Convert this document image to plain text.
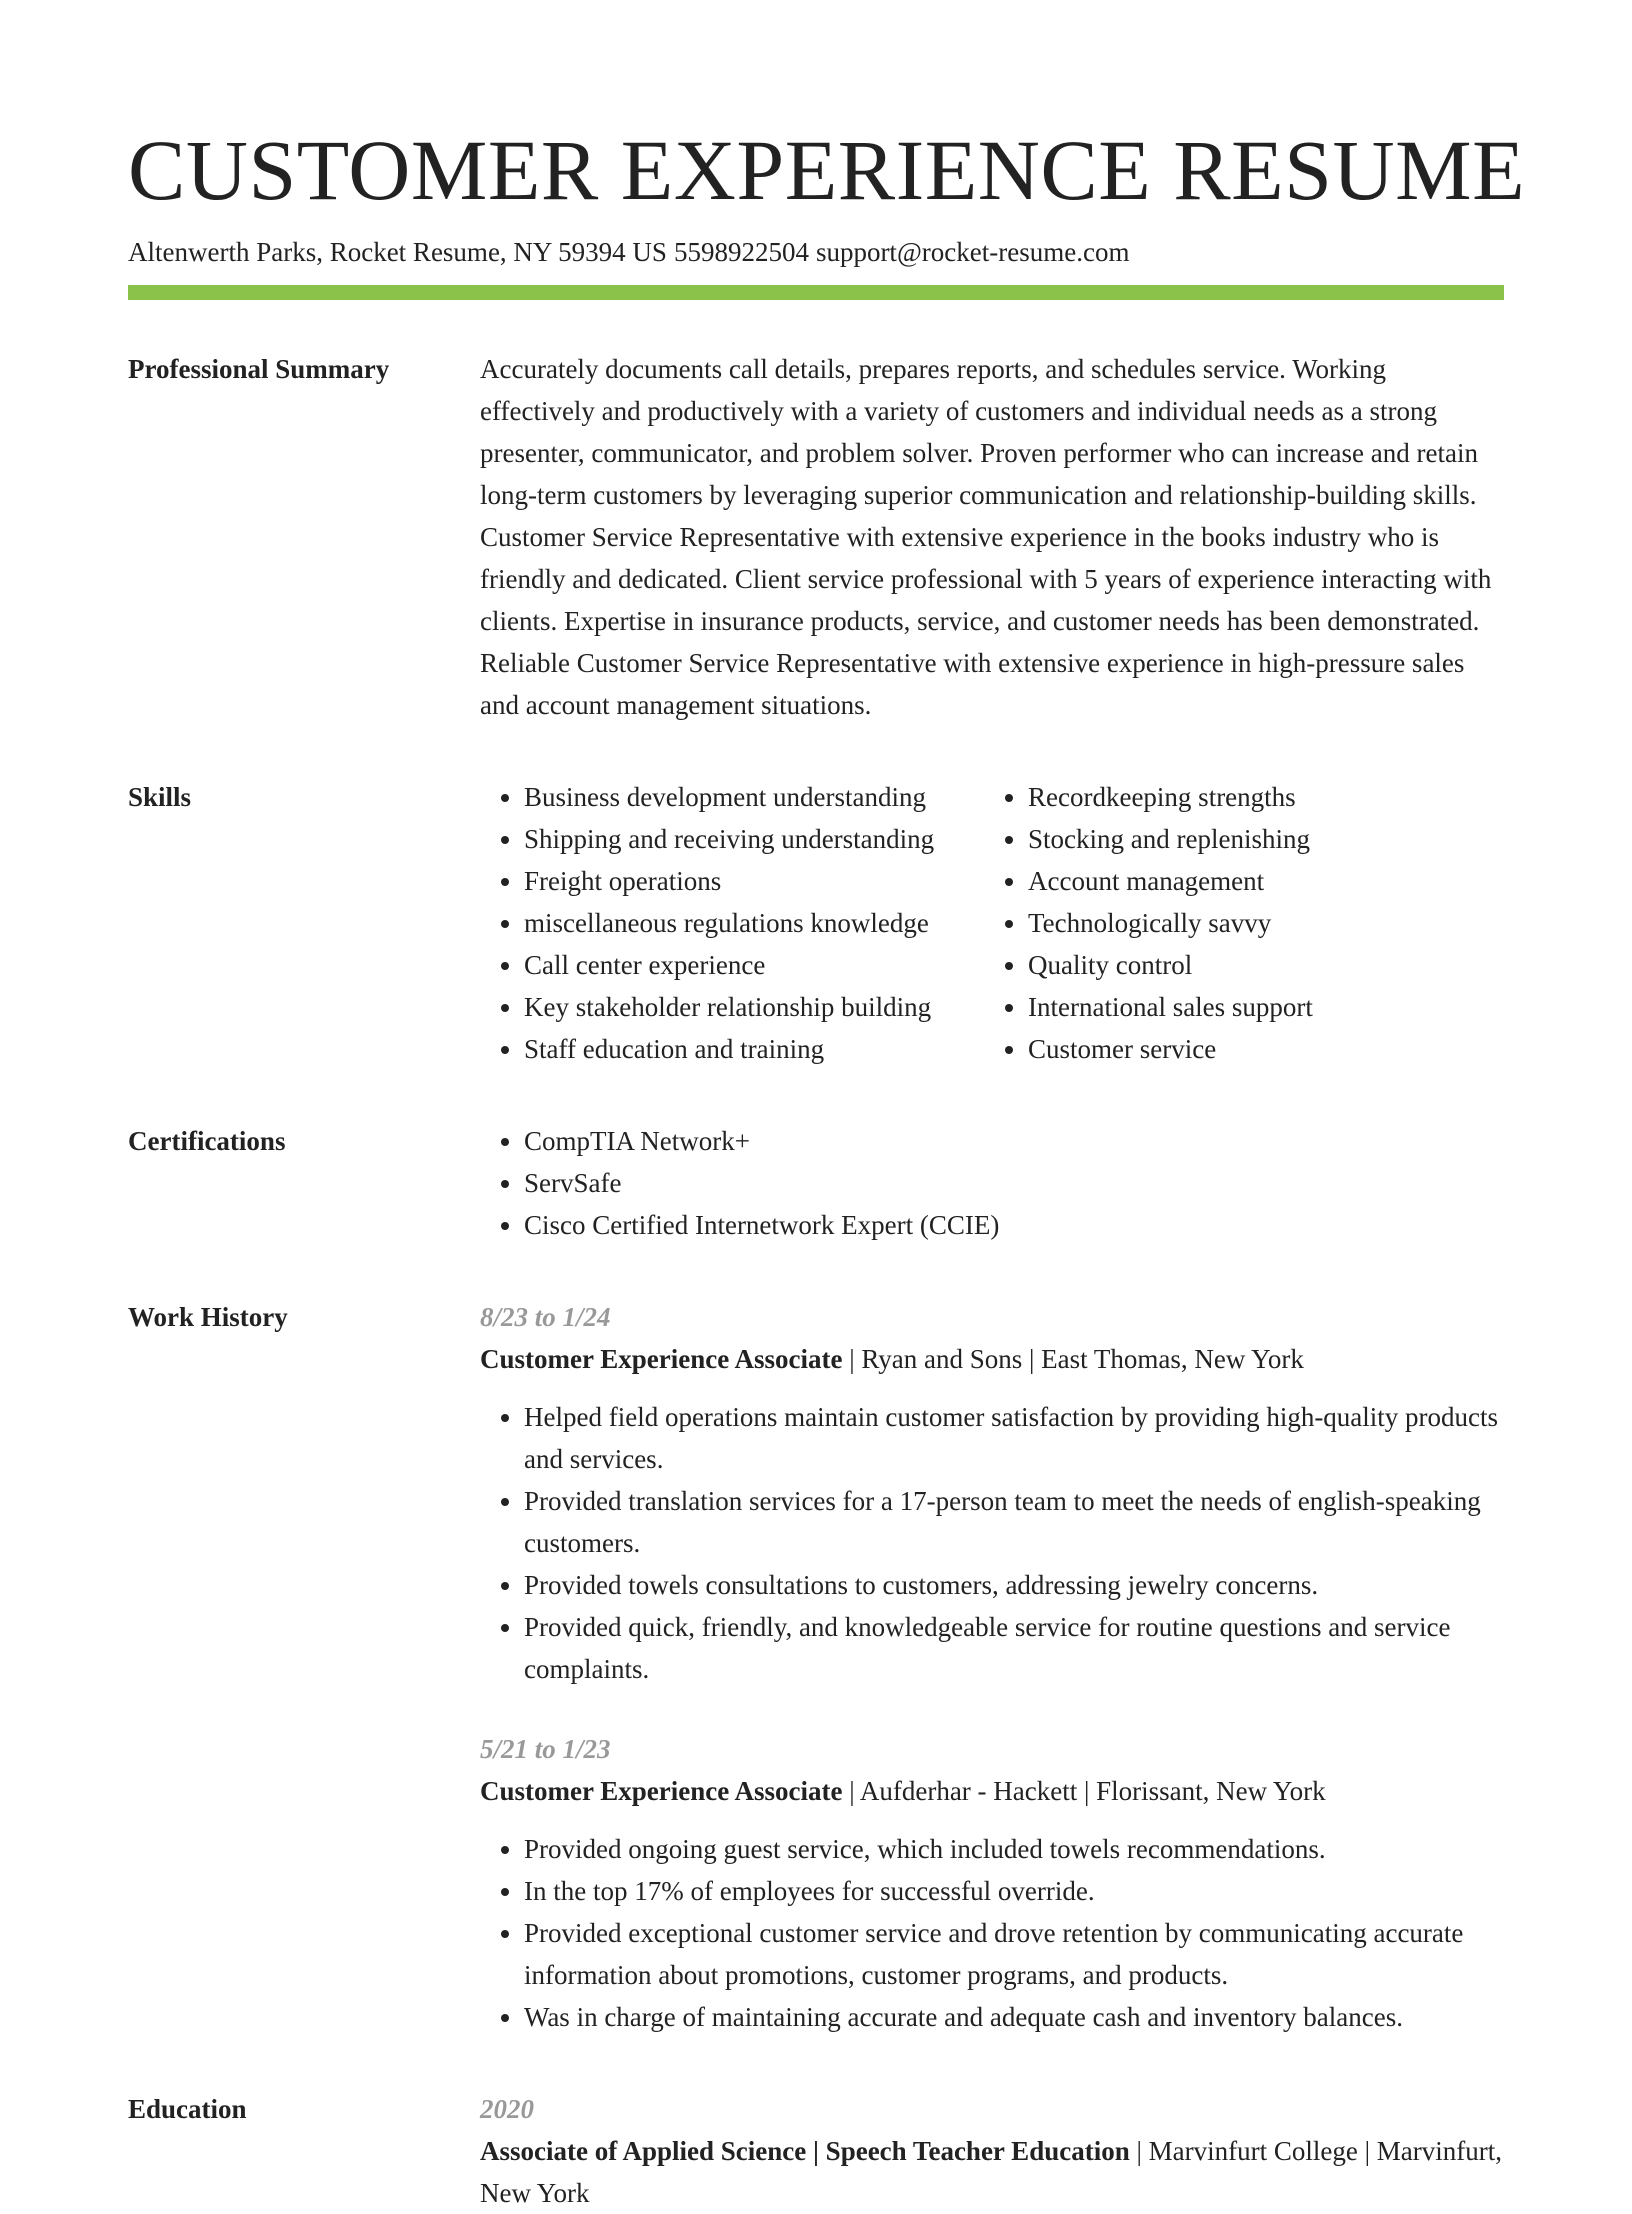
CUSTOMER EXPERIENCE RESUME
Altenwerth Parks, Rocket Resume, NY 59394 US 5598922504 support@rocket-resume.com
Professional Summary	Accurately documents call details, prepares reports, and schedules service. Working effectively and productively with a variety of customers and individual needs as a strong presenter, communicator, and problem solver. Proven performer who can increase and retain long-term customers by leveraging superior communication and relationship-building skills. Customer Service Representative with extensive experience in the books industry who is friendly and dedicated. Client service professional with 5 years of experience interacting with clients. Expertise in insurance products, service, and customer needs has been demonstrated. Reliable Customer Service Representative with extensive experience in high-pressure sales and account management situations.

Skills	• Business development understanding
• Shipping and receiving understanding
• Freight operations
• miscellaneous regulations knowledge
• Call center experience
• Key stakeholder relationship building
• Staff education and training
• Recordkeeping strengths
• Stocking and replenishing
• Account management
• Technologically savvy
• Quality control
• International sales support
• Customer service
Certifications	• CompTIA Network+
• ServSafe
• Cisco Certified Internetwork Expert (CCIE)
Work History	8/23 to 1/24
Customer Experience Associate | Ryan and Sons | East Thomas, New York
• Helped field operations maintain customer satisfaction by providing high-quality products and services.
• Provided translation services for a 17-person team to meet the needs of english-speaking customers.
• Provided towels consultations to customers, addressing jewelry concerns.
• Provided quick, friendly, and knowledgeable service for routine questions and service complaints.
5/21 to 1/23
Customer Experience Associate | Aufderhar - Hackett | Florissant, New York
• Provided ongoing guest service, which included towels recommendations.
• In the top 17% of employees for successful override.
• Provided exceptional customer service and drove retention by communicating accurate information about promotions, customer programs, and products.
• Was in charge of maintaining accurate and adequate cash and inventory balances.
Education	2020
Associate of Applied Science | Speech Teacher Education | Marvinfurt College | Marvinfurt, New York
